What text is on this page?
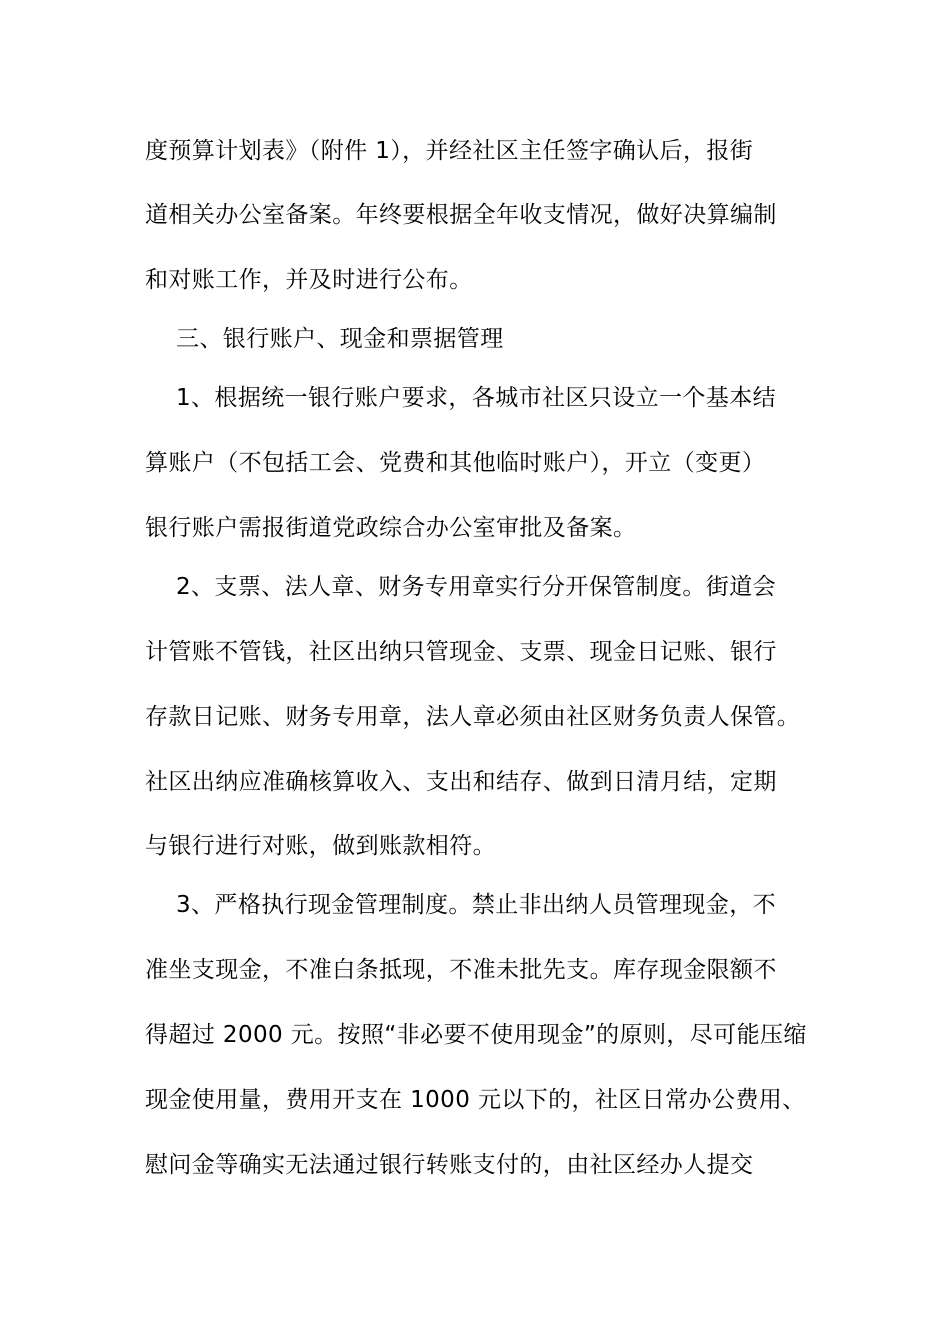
度预算计划表》（附件 1），并经社区主任签字确认后，报街
道相关办公室备案。年终要根据全年收支情况，做好决算编制
和对账工作，并及时进行公布。
三、银行账户、现金和票据管理
1、根据统一银行账户要求，各城市社区只设立一个基本结
算账户（不包括工会、党费和其他临时账户），开立（变更）
银行账户需报街道党政综合办公室审批及备案。
2、支票、法人章、财务专用章实行分开保管制度。街道会
计管账不管钱，社区出纳只管现金、支票、现金日记账、银行
存款日记账、财务专用章，法人章必须由社区财务负责人保管。
社区出纳应准确核算收入、支出和结存、做到日清月结，定期
与银行进行对账，做到账款相符。
3、严格执行现金管理制度。禁止非出纳人员管理现金，不
准坐支现金，不准白条抵现，不准未批先支。库存现金限额不
得超过 2000 元。按照“非必要不使用现金”的原则，尽可能压缩
现金使用量，费用开支在 1000 元以下的，社区日常办公费用、
慰问金等确实无法通过银行转账支付的，由社区经办人提交
